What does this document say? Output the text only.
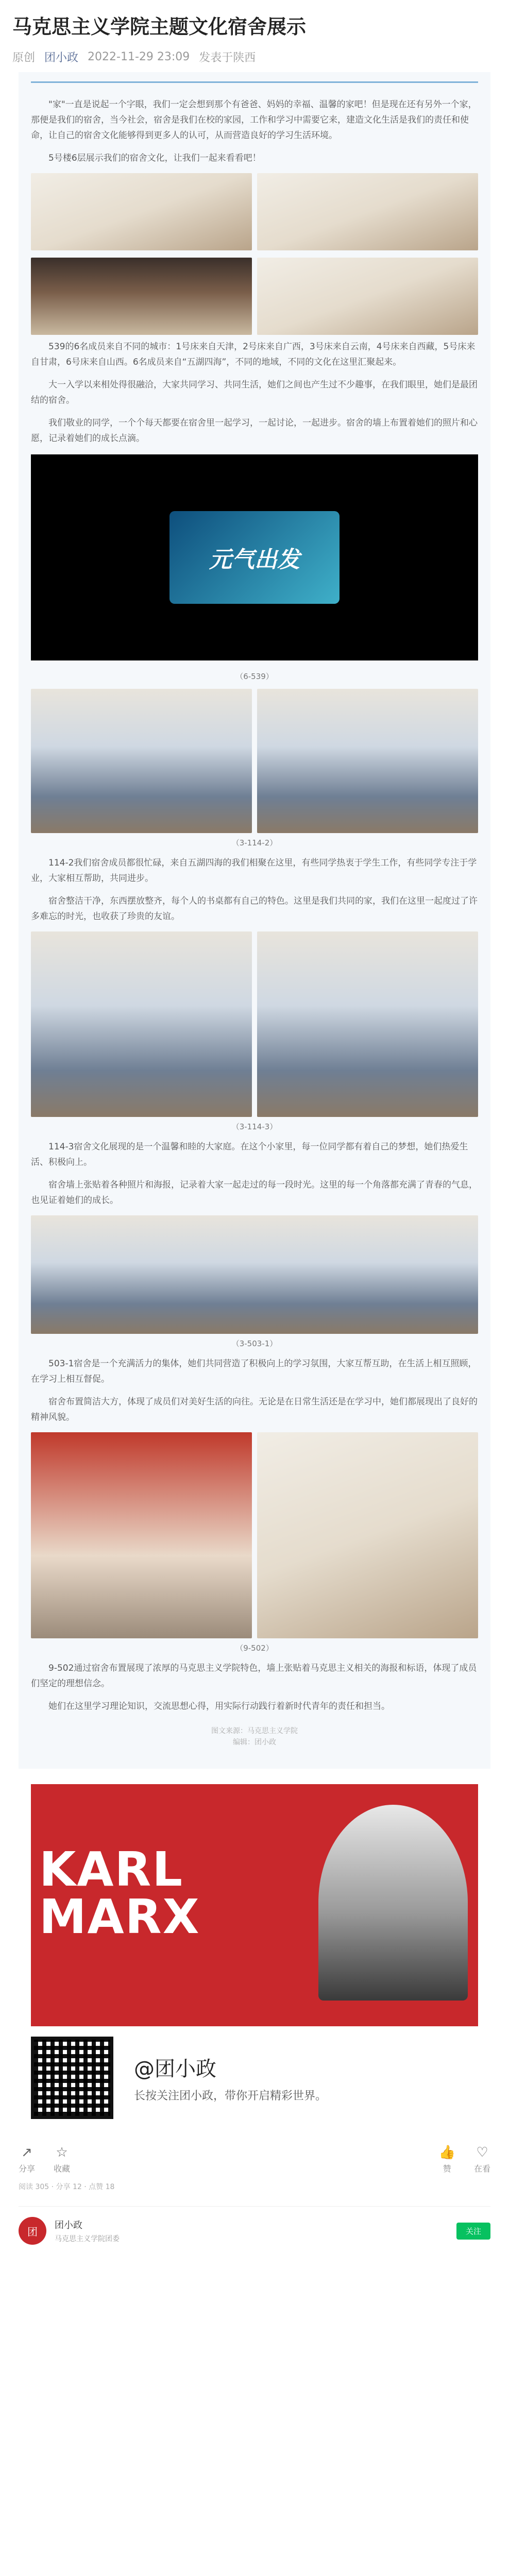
马克思主义学院主题文化宿舍展示
原创 团小政 2022-11-29 23:09 发表于陕西

"家"一直是说起一个字眼，我们一定会想到那个有爸爸、妈妈的幸福、温馨的家吧！但是现在还有另外一个家，那便是我们的宿舍，当今社会，宿舍是我们在校的家园，工作和学习中需要它来，建造文化生活是我们的责任和使命，让自己的宿舍文化能够得到更多人的认可，从而营造良好的学习生活环境。

5号楼6层展示我们的宿舍文化，让我们一起来看看吧！

539的6名成员来自不同的城市：1号床来自天津，2号床来自广西，3号床来自云南，4号床来自西藏，5号床来自甘肃，6号床来自山西。6名成员来自“五湖四海”，不同的地域，不同的文化在这里汇聚起来。

大一入学以来相处得很融洽，大家共同学习、共同生活，她们之间也产生过不少趣事，在我们眼里，她们是最团结的宿舍。

我们敬业的同学，一个个每天都要在宿舍里一起学习，一起讨论，一起进步。宿舍的墙上布置着她们的照片和心愿，记录着她们的成长点滴。

元气出发
（6-539）
（3-114-2）

114-2我们宿舍成员都很忙碌，来自五湖四海的我们相聚在这里，有些同学热衷于学生工作，有些同学专注于学业，大家相互帮助，共同进步。

宿舍整洁干净，东西摆放整齐，每个人的书桌都有自己的特色。这里是我们共同的家，我们在这里一起度过了许多难忘的时光，也收获了珍贵的友谊。

（3-114-3）

114-3宿舍文化展现的是一个温馨和睦的大家庭。在这个小家里，每一位同学都有着自己的梦想，她们热爱生活、积极向上。

宿舍墙上张贴着各种照片和海报，记录着大家一起走过的每一段时光。这里的每一个角落都充满了青春的气息，也见证着她们的成长。

（3-503-1）

503-1宿舍是一个充满活力的集体，她们共同营造了积极向上的学习氛围，大家互帮互助，在生活上相互照顾，在学习上相互督促。

宿舍布置简洁大方，体现了成员们对美好生活的向往。无论是在日常生活还是在学习中，她们都展现出了良好的精神风貌。

（9-502）

9-502通过宿舍布置展现了浓厚的马克思主义学院特色，墙上张贴着马克思主义相关的海报和标语，体现了成员们坚定的理想信念。

她们在这里学习理论知识，交流思想心得，用实际行动践行着新时代青年的责任和担当。

图文来源：马克思主义学院
编辑：团小政
KARL
MARX
@团小政
长按关注团小政，带你开启精彩世界。
↗
分享
☆
收藏
👍
赞
♡
在看
阅读 305 · 分享 12 · 点赞 18
团	团小政
马克思主义学院团委
关注
